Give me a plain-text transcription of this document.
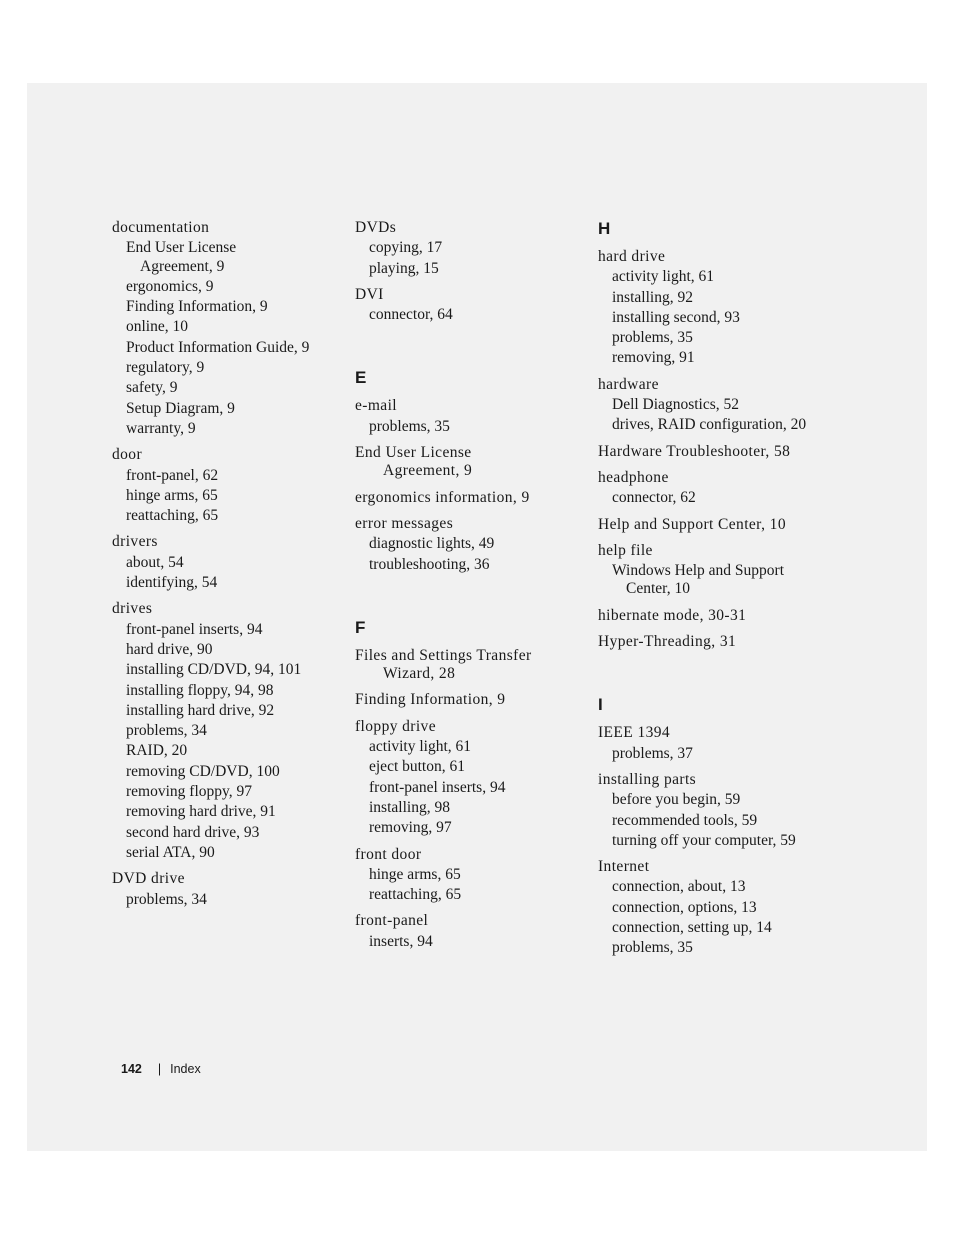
documentation
End User License
Agreement, 9
ergonomics, 9
Finding Information, 9
online, 10
Product Information Guide, 9
regulatory, 9
safety, 9
Setup Diagram, 9
warranty, 9
door
front-panel, 62
hinge arms, 65
reattaching, 65
drivers
about, 54
identifying, 54
drives
front-panel inserts, 94
hard drive, 90
installing CD/DVD, 94, 101
installing floppy, 94, 98
installing hard drive, 92
problems, 34
RAID, 20
removing CD/DVD, 100
removing floppy, 97
removing hard drive, 91
second hard drive, 93
serial ATA, 90
DVD drive
problems, 34
DVDs
copying, 17
playing, 15
DVI
connector, 64
E
e-mail
problems, 35
End User License
Agreement, 9
ergonomics information, 9
error messages
diagnostic lights, 49
troubleshooting, 36
F
Files and Settings Transfer
Wizard, 28
Finding Information, 9
floppy drive
activity light, 61
eject button, 61
front-panel inserts, 94
installing, 98
removing, 97
front door
hinge arms, 65
reattaching, 65
front-panel
inserts, 94
H
hard drive
activity light, 61
installing, 92
installing second, 93
problems, 35
removing, 91
hardware
Dell Diagnostics, 52
drives, RAID configuration, 20
Hardware Troubleshooter, 58
headphone
connector, 62
Help and Support Center, 10
help file
Windows Help and Support
Center, 10
hibernate mode, 30-31
Hyper-Threading, 31
I
IEEE 1394
problems, 37
installing parts
before you begin, 59
recommended tools, 59
turning off your computer, 59
Internet
connection, about, 13
connection, options, 13
connection, setting up, 14
problems, 35
142 | Index
